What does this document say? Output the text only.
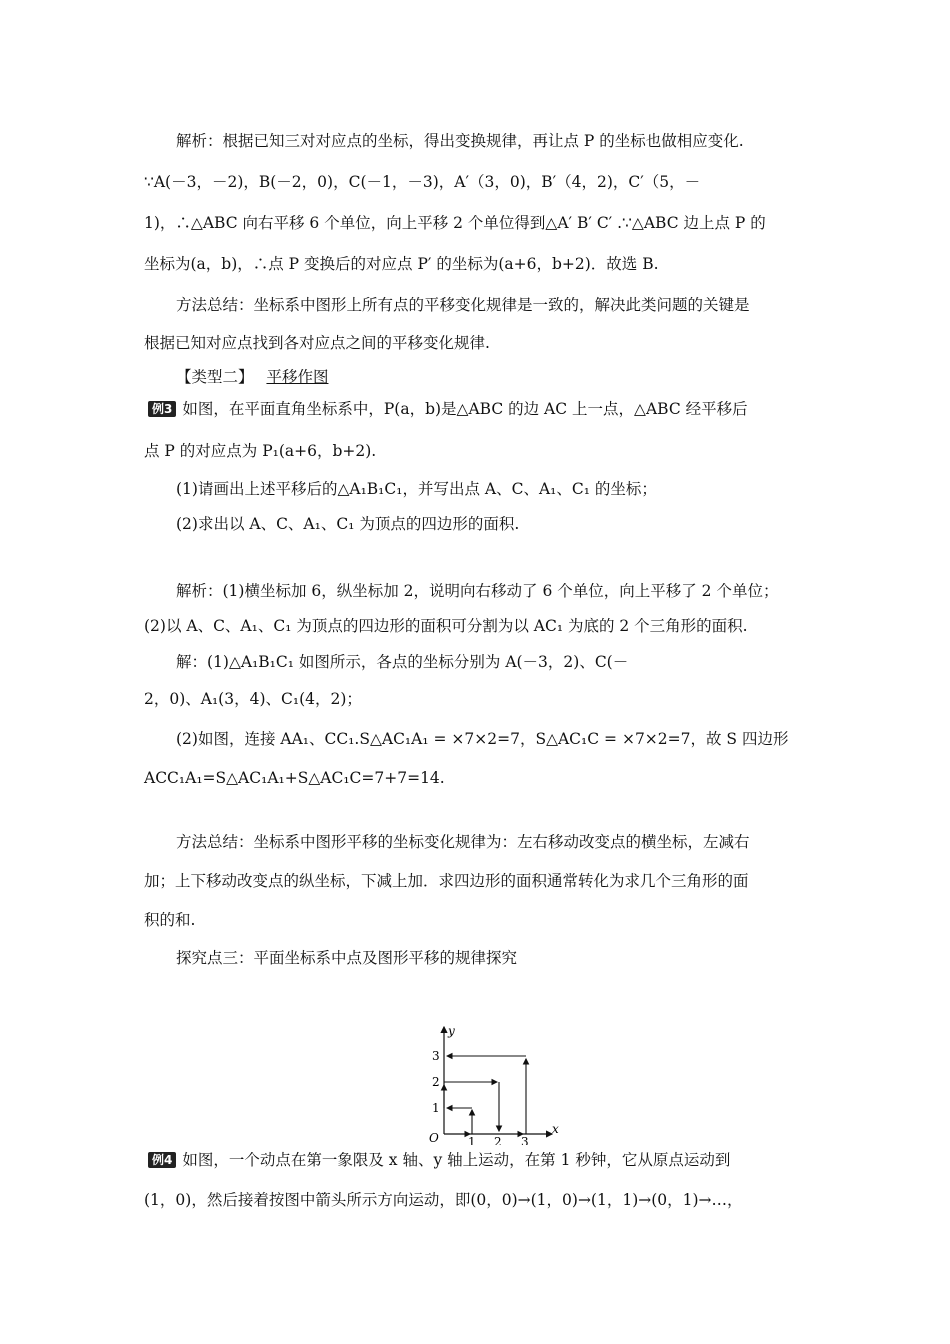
解析：根据已知三对对应点的坐标，得出变换规律，再让点 P 的坐标也做相应变化.
∵A(－3，－2)，B(－2，0)，C(－1，－3)，A′（3，0)，B′（4，2)，C′（5，－
1)，∴△ABC 向右平移 6 个单位，向上平移 2 个单位得到△A′ B′ C′ .∵△ABC 边上点 P 的
坐标为(a，b)，∴点 P 变换后的对应点 P′ 的坐标为(a+6，b+2)．故选 B.
方法总结：坐标系中图形上所有点的平移变化规律是一致的，解决此类问题的关键是
根据已知对应点找到各对应点之间的平移变化规律.
【类型二】 平移作图
例3 如图，在平面直角坐标系中，P(a，b)是△ABC 的边 AC 上一点，△ABC 经平移后
点 P 的对应点为 P₁(a+6，b+2).
(1)请画出上述平移后的△A₁B₁C₁，并写出点 A、C、A₁、C₁ 的坐标；
(2)求出以 A、C、A₁、C₁ 为顶点的四边形的面积.
解析：(1)横坐标加 6，纵坐标加 2，说明向右移动了 6 个单位，向上平移了 2 个单位；
(2)以 A、C、A₁、C₁ 为顶点的四边形的面积可分割为以 AC₁ 为底的 2 个三角形的面积.
解：(1)△A₁B₁C₁ 如图所示，各点的坐标分别为 A(－3，2)、C(－
2，0)、A₁(3，4)、C₁(4，2)；
(2)如图，连接 AA₁、CC₁.S△AC₁A₁ = ×7×2=7，S△AC₁C = ×7×2=7，故 S 四边形
ACC₁A₁=S△AC₁A₁+S△AC₁C=7+7=14.
方法总结：坐标系中图形平移的坐标变化规律为：左右移动改变点的横坐标，左减右
加；上下移动改变点的纵坐标，下减上加．求四边形的面积通常转化为求几个三角形的面
积的和.
探究点三：平面坐标系中点及图形平移的规律探究
O
x
y
1 2 3
1
2
3
例4 如图，一个动点在第一象限及 x 轴、y 轴上运动，在第 1 秒钟，它从原点运动到
(1，0)，然后接着按图中箭头所示方向运动，即(0，0)→(1，0)→(1，1)→(0，1)→…，
